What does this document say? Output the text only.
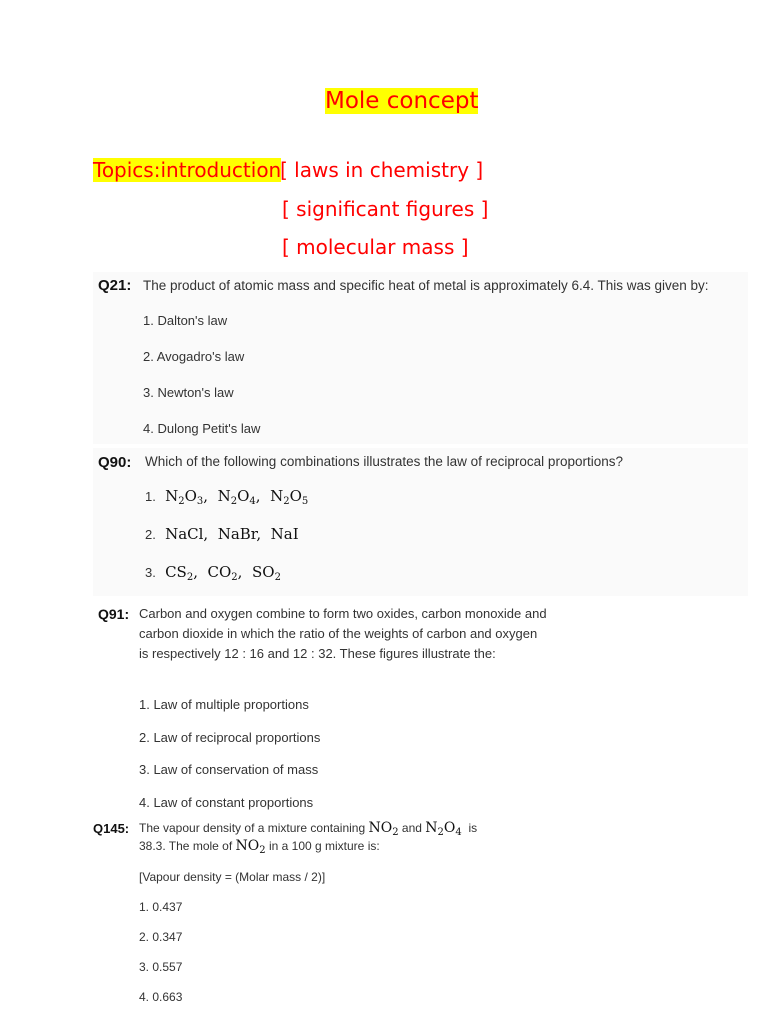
Mole concept
Topics:introduction
[ laws in chemistry ]
[ significant figures ]
[ molecular mass ]
Q21: The product of atomic mass and specific heat of metal is approximately 6.4. This was given by:
1. Dalton's law
2. Avogadro's law
3. Newton's law
4. Dulong Petit's law
Q90: Which of the following combinations illustrates the law of reciprocal proportions?
1.  $N_2O_3$,  $N_2O_4$,  $N_2O_5$
2.  NaCl,  NaBr,  NaI
3.  $CS_2$,  $CO_2$,  $SO_2$
Q91: Carbon and oxygen combine to form two oxides, carbon monoxide and carbon dioxide in which the ratio of the weights of carbon and oxygen is respectively 12 : 16 and 12 : 32. These figures illustrate the:
1. Law of multiple proportions
2. Law of reciprocal proportions
3. Law of conservation of mass
4. Law of constant proportions
Q145: The vapour density of a mixture containing $NO_2$ and $N_2O_4$ is
38.3. The mole of $NO_2$ in a 100 g mixture is:
[Vapour density = (Molar mass / 2)]
1. 0.437
2. 0.347
3. 0.557
4. 0.663
